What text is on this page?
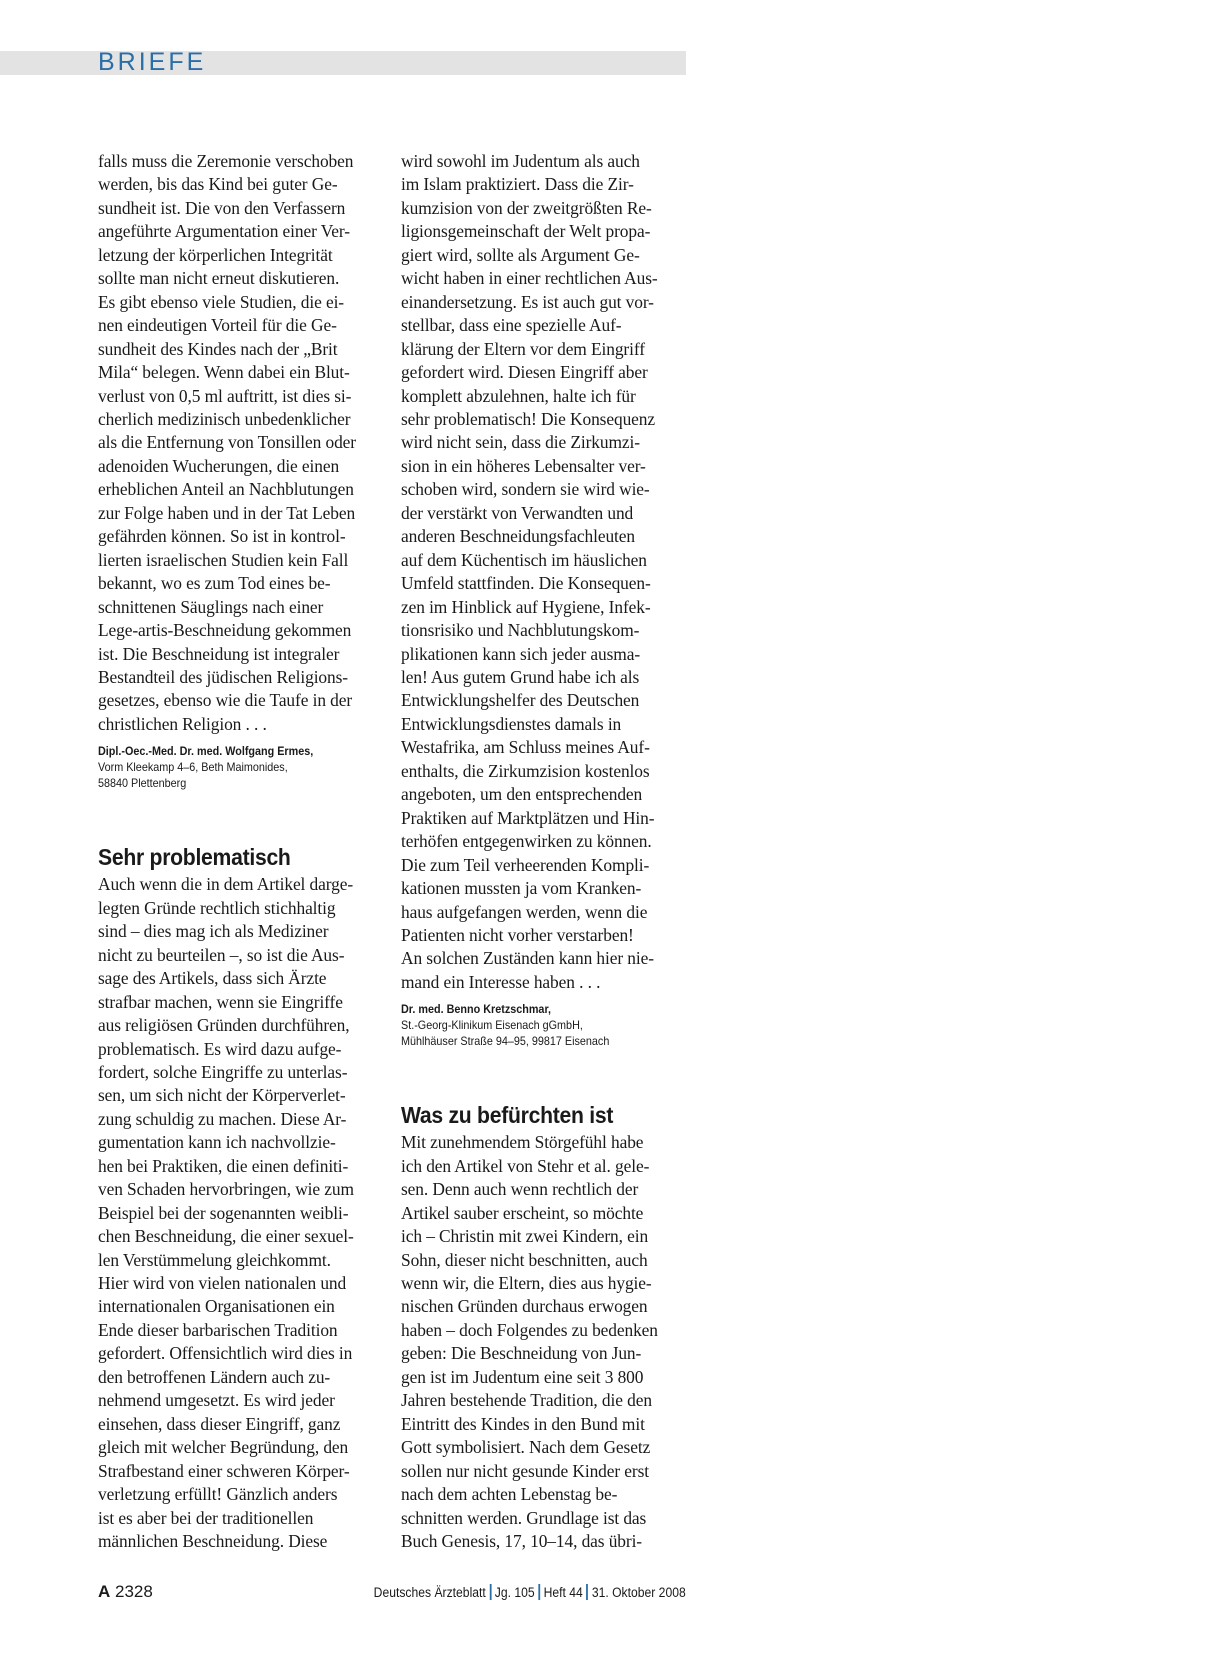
BRIEFE
falls muss die Zeremonie verschoben
werden, bis das Kind bei guter Ge-
sundheit ist. Die von den Verfassern
angeführte Argumentation einer Ver-
letzung der körperlichen Integrität
sollte man nicht erneut diskutieren.
Es gibt ebenso viele Studien, die ei-
nen eindeutigen Vorteil für die Ge-
sundheit des Kindes nach der „Brit
Mila“ belegen. Wenn dabei ein Blut-
verlust von 0,5 ml auftritt, ist dies si-
cherlich medizinisch unbedenklicher
als die Entfernung von Tonsillen oder
adenoiden Wucherungen, die einen
erheblichen Anteil an Nachblutungen
zur Folge haben und in der Tat Leben
gefährden können. So ist in kontrol-
lierten israelischen Studien kein Fall
bekannt, wo es zum Tod eines be-
schnittenen Säuglings nach einer
Lege-artis-Beschneidung gekommen
ist. Die Beschneidung ist integraler
Bestandteil des jüdischen Religions-
gesetzes, ebenso wie die Taufe in der
christlichen Religion . . .
Dipl.-Oec.-Med. Dr. med. Wolfgang Ermes,
Vorm Kleekamp 4–6, Beth Maimonides,
58840 Plettenberg
Sehr problematisch
Auch wenn die in dem Artikel darge-
legten Gründe rechtlich stichhaltig
sind – dies mag ich als Mediziner
nicht zu beurteilen –, so ist die Aus-
sage des Artikels, dass sich Ärzte
strafbar machen, wenn sie Eingriffe
aus religiösen Gründen durchführen,
problematisch. Es wird dazu aufge-
fordert, solche Eingriffe zu unterlas-
sen, um sich nicht der Körperverlet-
zung schuldig zu machen. Diese Ar-
gumentation kann ich nachvollzie-
hen bei Praktiken, die einen definiti-
ven Schaden hervorbringen, wie zum
Beispiel bei der sogenannten weibli-
chen Beschneidung, die einer sexuel-
len Verstümmelung gleichkommt.
Hier wird von vielen nationalen und
internationalen Organisationen ein
Ende dieser barbarischen Tradition
gefordert. Offensichtlich wird dies in
den betroffenen Ländern auch zu-
nehmend umgesetzt. Es wird jeder
einsehen, dass dieser Eingriff, ganz
gleich mit welcher Begründung, den
Strafbestand einer schweren Körper-
verletzung erfüllt! Gänzlich anders
ist es aber bei der traditionellen
männlichen Beschneidung. Diese
wird sowohl im Judentum als auch
im Islam praktiziert. Dass die Zir-
kumzision von der zweitgrößten Re-
ligionsgemeinschaft der Welt propa-
giert wird, sollte als Argument Ge-
wicht haben in einer rechtlichen Aus-
einandersetzung. Es ist auch gut vor-
stellbar, dass eine spezielle Auf-
klärung der Eltern vor dem Eingriff
gefordert wird. Diesen Eingriff aber
komplett abzulehnen, halte ich für
sehr problematisch! Die Konsequenz
wird nicht sein, dass die Zirkumzi-
sion in ein höheres Lebensalter ver-
schoben wird, sondern sie wird wie-
der verstärkt von Verwandten und
anderen Beschneidungsfachleuten
auf dem Küchentisch im häuslichen
Umfeld stattfinden. Die Konsequen-
zen im Hinblick auf Hygiene, Infek-
tionsrisiko und Nachblutungskom-
plikationen kann sich jeder ausma-
len! Aus gutem Grund habe ich als
Entwicklungshelfer des Deutschen
Entwicklungsdienstes damals in
Westafrika, am Schluss meines Auf-
enthalts, die Zirkumzision kostenlos
angeboten, um den entsprechenden
Praktiken auf Marktplätzen und Hin-
terhöfen entgegenwirken zu können.
Die zum Teil verheerenden Kompli-
kationen mussten ja vom Kranken-
haus aufgefangen werden, wenn die
Patienten nicht vorher verstarben!
An solchen Zuständen kann hier nie-
mand ein Interesse haben . . .
Dr. med. Benno Kretzschmar,
St.-Georg-Klinikum Eisenach gGmbH,
Mühlhäuser Straße 94–95, 99817 Eisenach
Was zu befürchten ist
Mit zunehmendem Störgefühl habe
ich den Artikel von Stehr et al. gele-
sen. Denn auch wenn rechtlich der
Artikel sauber erscheint, so möchte
ich – Christin mit zwei Kindern, ein
Sohn, dieser nicht beschnitten, auch
wenn wir, die Eltern, dies aus hygie-
nischen Gründen durchaus erwogen
haben – doch Folgendes zu bedenken
geben: Die Beschneidung von Jun-
gen ist im Judentum eine seit 3 800
Jahren bestehende Tradition, die den
Eintritt des Kindes in den Bund mit
Gott symbolisiert. Nach dem Gesetz
sollen nur nicht gesunde Kinder erst
nach dem achten Lebenstag be-
schnitten werden. Grundlage ist das
Buch Genesis, 17, 10–14, das übri-
A 2328	Deutsches Ärzteblatt Jg. 105 Heft 44 31. Oktober 2008
